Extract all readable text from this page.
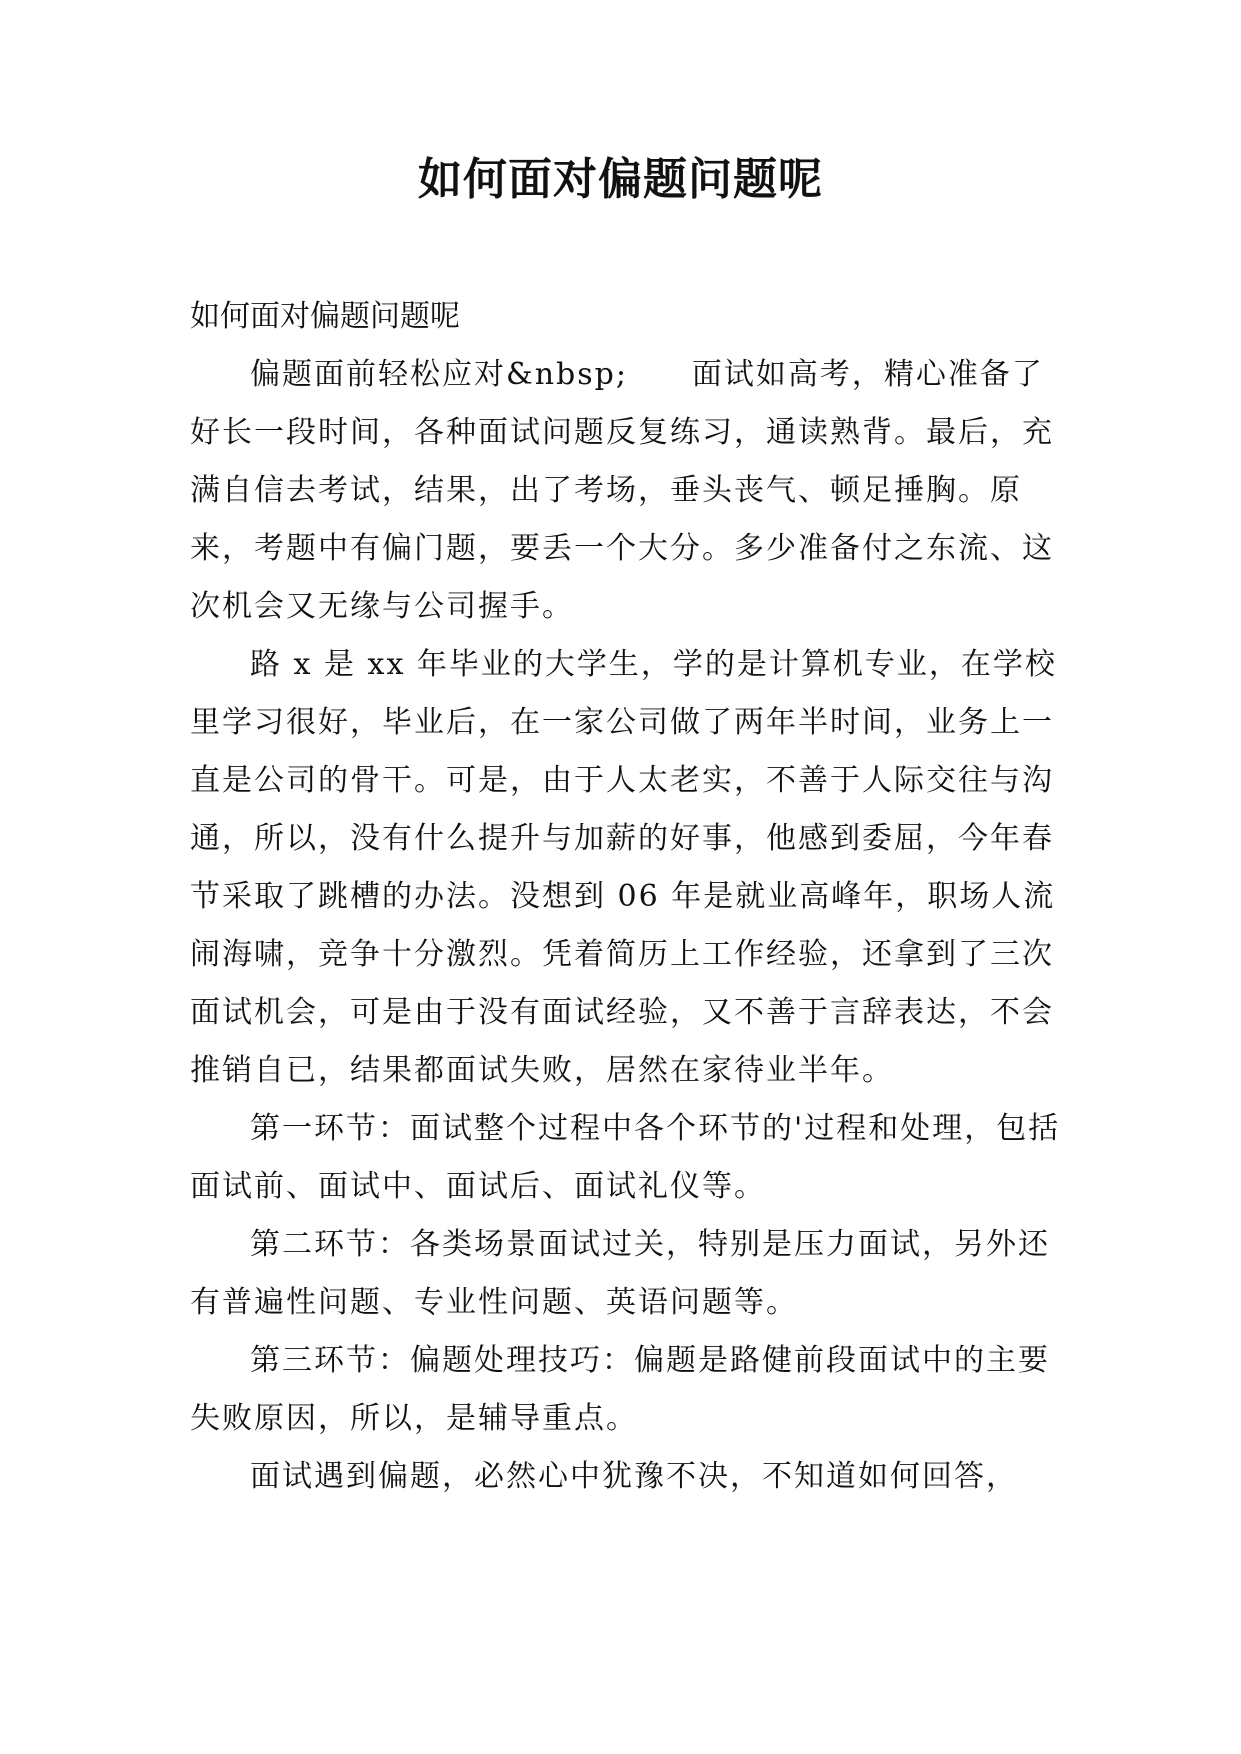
如何面对偏题问题呢

如何面对偏题问题呢

偏题面前轻松应对&nbsp;　　面试如高考，精心准备了好长一段时间，各种面试问题反复练习，通读熟背。最后，充满自信去考试，结果，出了考场，垂头丧气、顿足捶胸。原来，考题中有偏门题，要丢一个大分。多少准备付之东流、这次机会又无缘与公司握手。

路 x 是 xx 年毕业的大学生，学的是计算机专业，在学校里学习很好，毕业后，在一家公司做了两年半时间，业务上一直是公司的骨干。可是，由于人太老实，不善于人际交往与沟通，所以，没有什么提升与加薪的好事，他感到委屈，今年春节采取了跳槽的办法。没想到 06 年是就业高峰年，职场人流闹海啸，竞争十分激烈。凭着简历上工作经验，还拿到了三次面试机会，可是由于没有面试经验，又不善于言辞表达，不会推销自已，结果都面试失败，居然在家待业半年。

第一环节：面试整个过程中各个环节的'过程和处理，包括面试前、面试中、面试后、面试礼仪等。

第二环节：各类场景面试过关，特别是压力面试，另外还有普遍性问题、专业性问题、英语问题等。

第三环节：偏题处理技巧：偏题是路健前段面试中的主要失败原因，所以，是辅导重点。

面试遇到偏题，必然心中犹豫不决，不知道如何回答，
